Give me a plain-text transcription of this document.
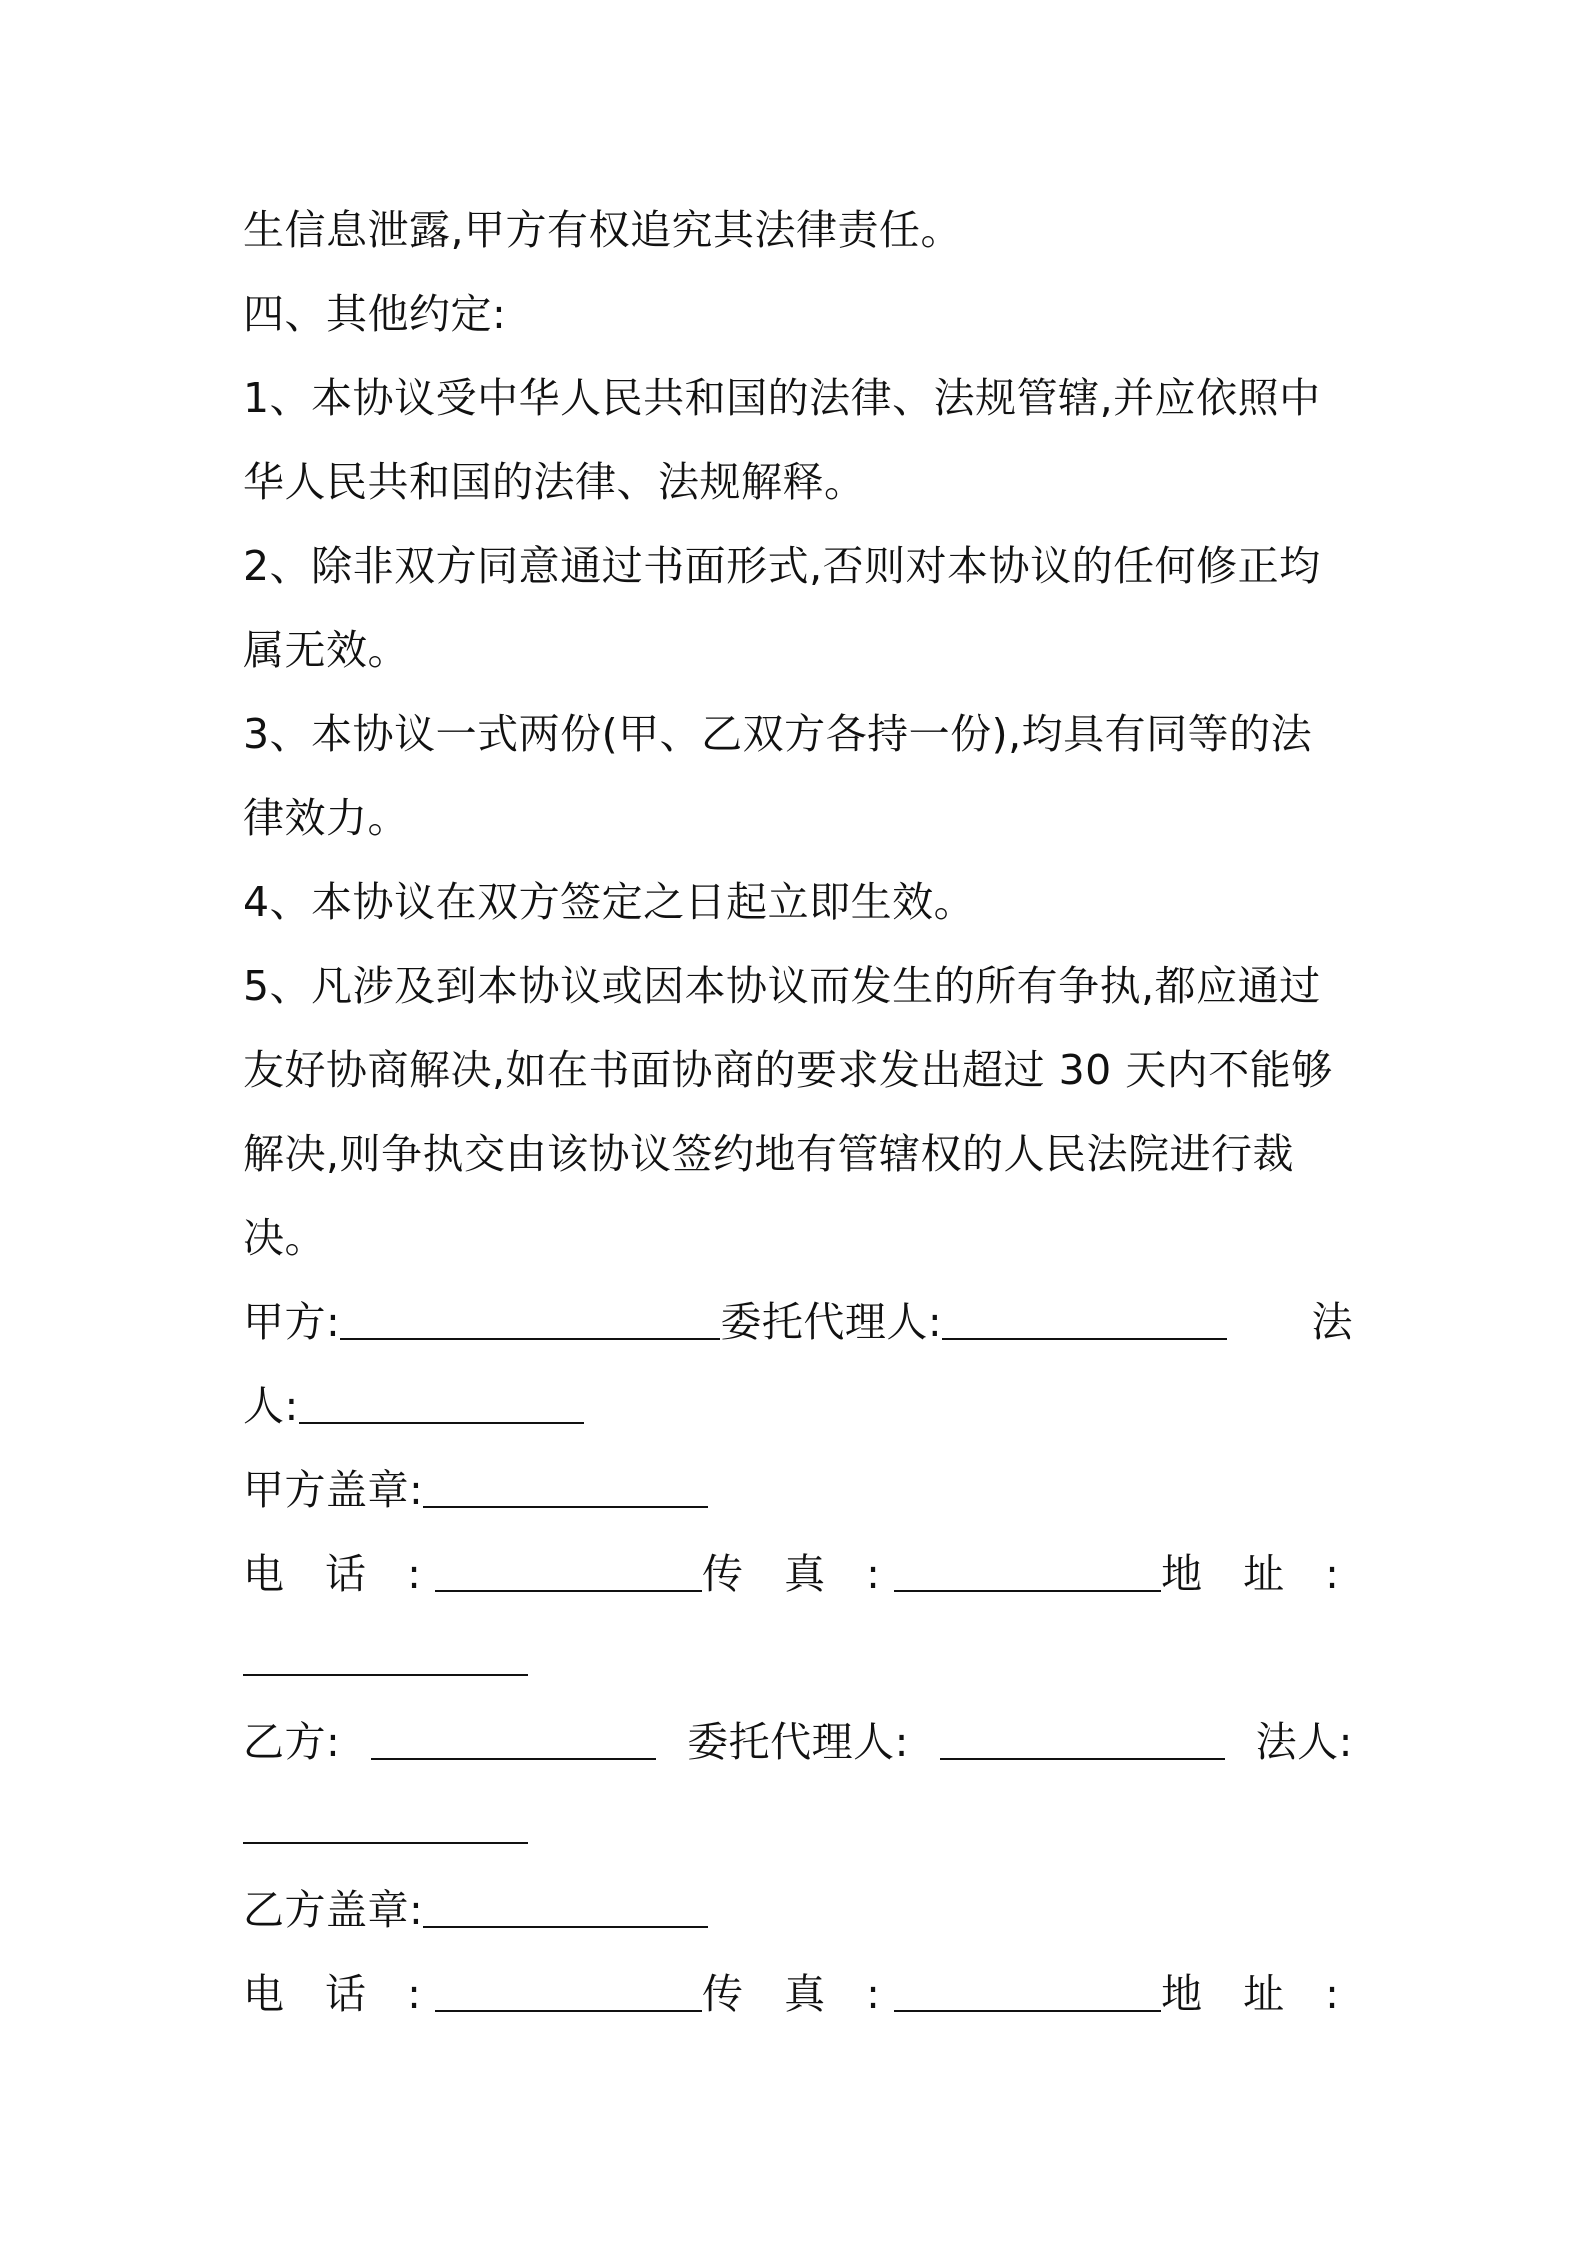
生信息泄露,甲方有权追究其法律责任。
四、其他约定:
1、本协议受中华人民共和国的法律、法规管辖,并应依照中
华人民共和国的法律、法规解释。
2、除非双方同意通过书面形式,否则对本协议的任何修正均
属无效。
3、本协议一式两份(甲、乙双方各持一份),均具有同等的法
律效力。
4、本协议在双方签定之日起立即生效。
5、凡涉及到本协议或因本协议而发生的所有争执,都应通过
友好协商解决,如在书面协商的要求发出超过 30 天内不能够
解决,则争执交由该协议签约地有管辖权的人民法院进行裁
决。
甲方:	委托代理人:	法
人:
甲方盖章:
电 话 :	传 真 :	地 址 :
乙方:	委托代理人:	法人:
乙方盖章:
电 话 :	传 真 :	地 址 :
